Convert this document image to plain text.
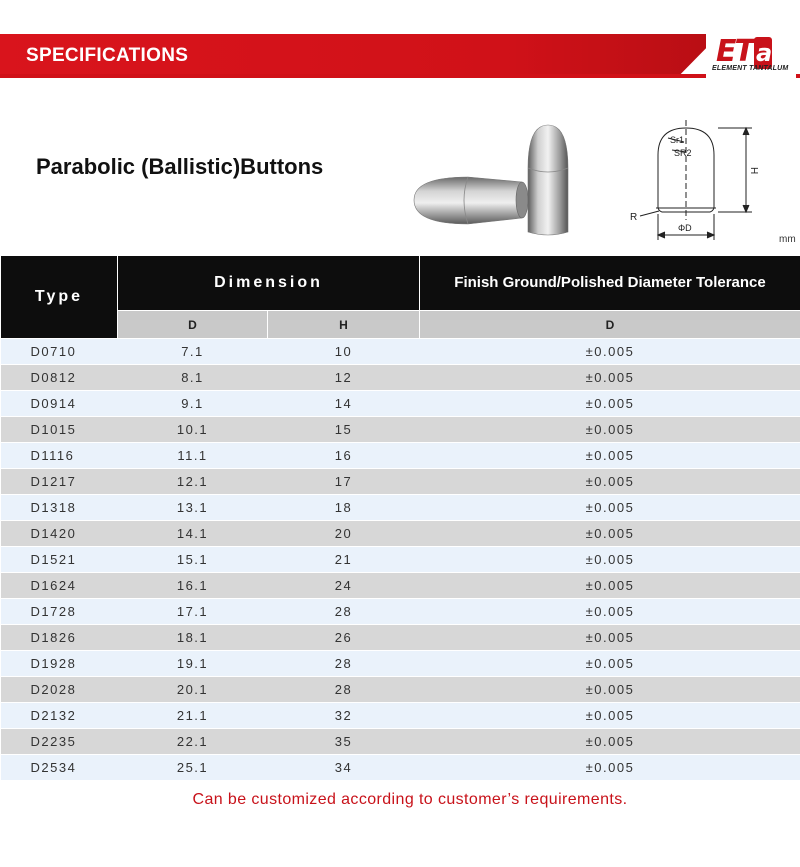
SPECIFICATIONS	ET a
ELEMENT TANTALUM
Parabolic (Ballistic)Buttons
Sr1
SR2
H
R
ΦD
mm
Type	Dimension		Finish Ground/Polished Diameter Tolerance
	D	H	D
D0710	7.1	10	±0.005
D0812	8.1	12	±0.005
D0914	9.1	14	±0.005
D1015	10.1	15	±0.005
D1116	11.1	16	±0.005
D1217	12.1	17	±0.005
D1318	13.1	18	±0.005
D1420	14.1	20	±0.005
D1521	15.1	21	±0.005
D1624	16.1	24	±0.005
D1728	17.1	28	±0.005
D1826	18.1	26	±0.005
D1928	19.1	28	±0.005
D2028	20.1	28	±0.005
D2132	21.1	32	±0.005
D2235	22.1	35	±0.005
D2534	25.1	34	±0.005
Can be customized according to customer’s requirements.
